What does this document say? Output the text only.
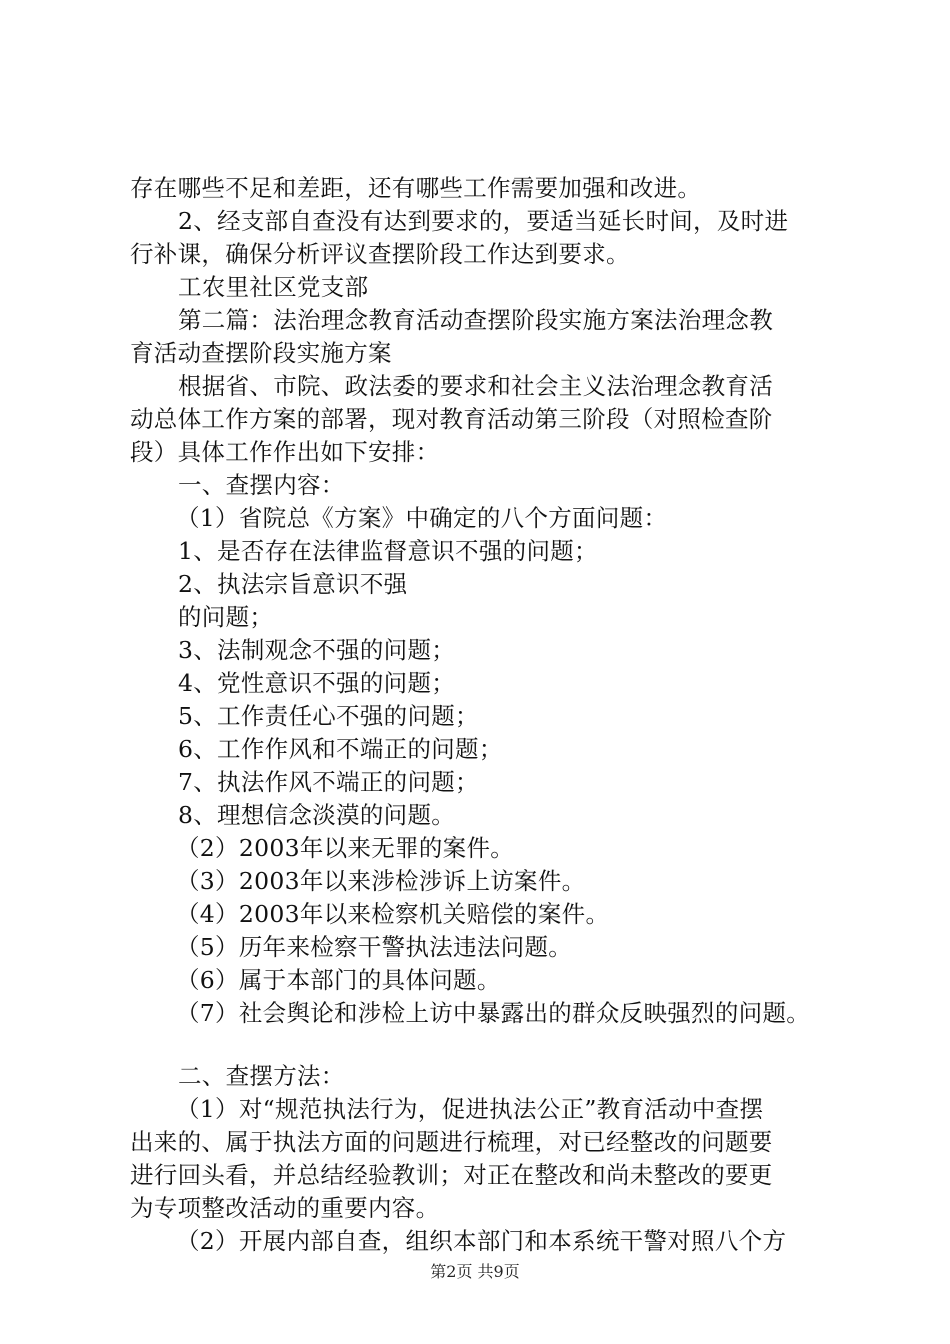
存在哪些不足和差距，还有哪些工作需要加强和改进。
2、经支部自查没有达到要求的，要适当延长时间，及时进
行补课，确保分析评议查摆阶段工作达到要求。
工农里社区党支部
第二篇：法治理念教育活动查摆阶段实施方案法治理念教
育活动查摆阶段实施方案
根据省、市院、政法委的要求和社会主义法治理念教育活
动总体工作方案的部署，现对教育活动第三阶段（对照检查阶
段）具体工作作出如下安排：
一、查摆内容：
（1）省院总《方案》中确定的八个方面问题：
1、是否存在法律监督意识不强的问题；
2、执法宗旨意识不强
的问题；
3、法制观念不强的问题；
4、党性意识不强的问题；
5、工作责任心不强的问题；
6、工作作风和不端正的问题；
7、执法作风不端正的问题；
8、理想信念淡漠的问题。
（2）2003年以来无罪的案件。
（3）2003年以来涉检涉诉上访案件。
（4）2003年以来检察机关赔偿的案件。
（5）历年来检察干警执法违法问题。
（6）属于本部门的具体问题。
（7）社会舆论和涉检上访中暴露出的群众反映强烈的问题。
二、查摆方法：
（1）对“规范执法行为，促进执法公正”教育活动中查摆
出来的、属于执法方面的问题进行梳理，对已经整改的问题要
进行回头看，并总结经验教训；对正在整改和尚未整改的要更
为专项整改活动的重要内容。
（2）开展内部自查，组织本部门和本系统干警对照八个方
第2页 共9页
